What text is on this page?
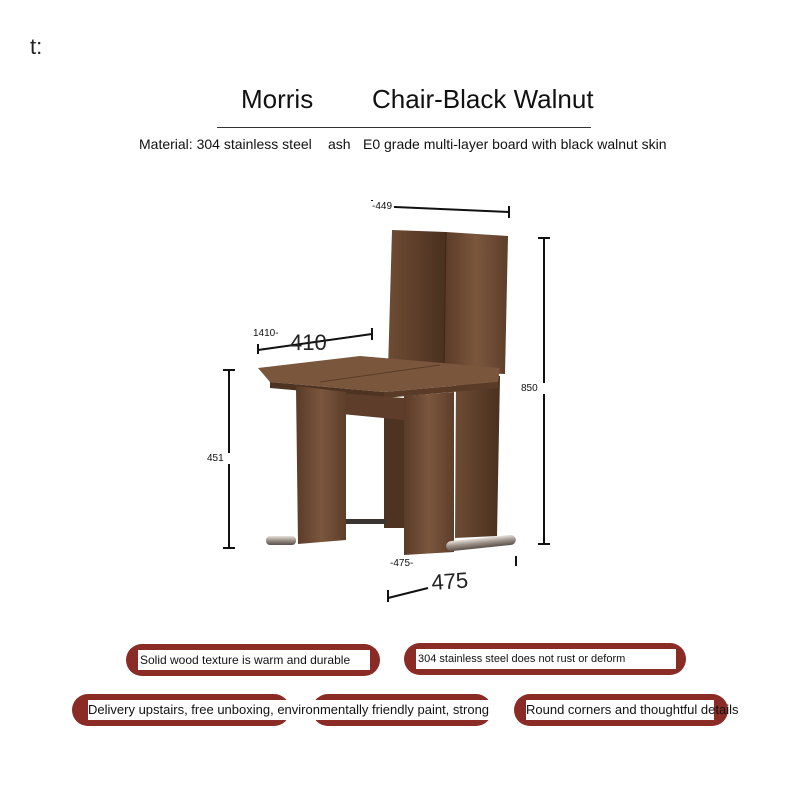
t:
Morris Chair-Black Walnut
Material: 304 stainless steel ash E0 grade multi-layer board with black walnut skin
410
475
-449
1410-
451
850
-475-
Solid wood texture is warm and durable	304 stainless steel does not rust or deform
Delivery upstairs, free unboxing, environmentally friendly paint, strong	Round corners and thoughtful details
